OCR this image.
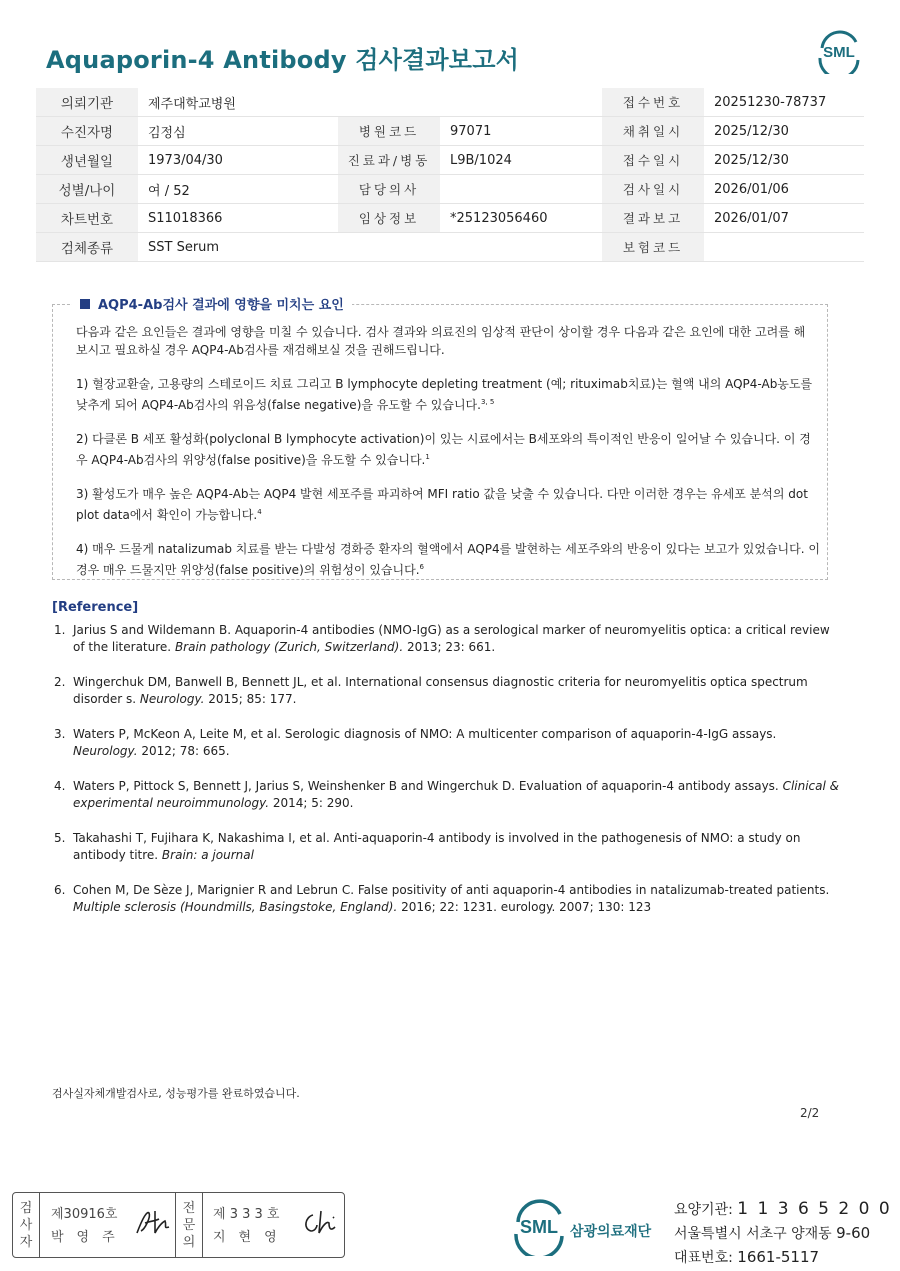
Aquaporin-4 Antibody 검사결과보고서	SML
의뢰기관	제주대학교병원			접수번호	20251230-78737
수진자명	김정심	병원코드	97071	채취일시	2025/12/30
생년월일	1973/04/30	진료과/병동	L9B/1024	접수일시	2025/12/30
성별/나이	여 / 52	담당의사		검사일시	2026/01/06
차트번호	S11018366	임상정보	*25123056460	결과보고	2026/01/07
검체종류	SST Serum			보험코드	
AQP4-Ab검사 결과에 영향을 미치는 요인

다음과 같은 요인들은 결과에 영향을 미칠 수 있습니다. 검사 결과와 의료진의 임상적 판단이 상이할 경우 다음과 같은 요인에 대한 고려를 해 보시고 필요하실 경우 AQP4-Ab검사를 재검해보실 것을 권해드립니다.

1) 혈장교환술, 고용량의 스테로이드 치료 그리고 B lymphocyte depleting treatment (예; rituximab치료)는 혈액 내의 AQP4-Ab농도를 낮추게 되어 AQP4-Ab검사의 위음성(false negative)을 유도할 수 있습니다.$^{3, 5}$

2) 다클론 B 세포 활성화(polyclonal B lymphocyte activation)이 있는 시료에서는 B세포와의 특이적인 반응이 일어날 수 있습니다. 이 경우 AQP4-Ab검사의 위양성(false positive)을 유도할 수 있습니다.$^1$

3) 활성도가 매우 높은 AQP4-Ab는 AQP4 발현 세포주를 파괴하여 MFI ratio 값을 낮출 수 있습니다. 다만 이러한 경우는 유세포 분석의 dot plot data에서 확인이 가능합니다.$^4$

4) 매우 드물게 natalizumab 치료를 받는 다발성 경화증 환자의 혈액에서 AQP4를 발현하는 세포주와의 반응이 있다는 보고가 있었습니다. 이 경우 매우 드물지만 위양성(false positive)의 위험성이 있습니다.$^6$

[Reference]
1. Jarius S and Wildemann B. Aquaporin-4 antibodies (NMO-IgG) as a serological marker of neuromyelitis optica: a critical review of the literature. Brain pathology (Zurich, Switzerland). 2013; 23: 661.
2. Wingerchuk DM, Banwell B, Bennett JL, et al. International consensus diagnostic criteria for neuromyelitis optica spectrum disorder s. Neurology. 2015; 85: 177.
3. Waters P, McKeon A, Leite M, et al. Serologic diagnosis of NMO: A multicenter comparison of aquaporin-4-IgG assays. Neurology. 2012; 78: 665.
4. Waters P, Pittock S, Bennett J, Jarius S, Weinshenker B and Wingerchuk D. Evaluation of aquaporin-4 antibody assays. Clinical & experimental neuroimmunology. 2014; 5: 290.
5. Takahashi T, Fujihara K, Nakashima I, et al. Anti-aquaporin-4 antibody is involved in the pathogenesis of NMO: a study on antibody titre. Brain: a journal
6. Cohen M, De Sèze J, Marignier R and Lebrun C. False positivity of anti aquaporin-4 antibodies in natalizumab-treated patients. Multiple sclerosis (Houndmills, Basingstoke, England). 2016; 22: 1231. eurology. 2007; 130: 123
검사실자체개발검사로, 성능평가를 완료하였습니다.
2/2
검
사
자
제30916호
박영주
전
문
의
제 3 3 3 호
지현영
SML 삼광의료재단
요양기관: 1 1 3 6 5 2 0 0
서울특별시 서초구 양재동 9-60
대표번호: 1661-5117
